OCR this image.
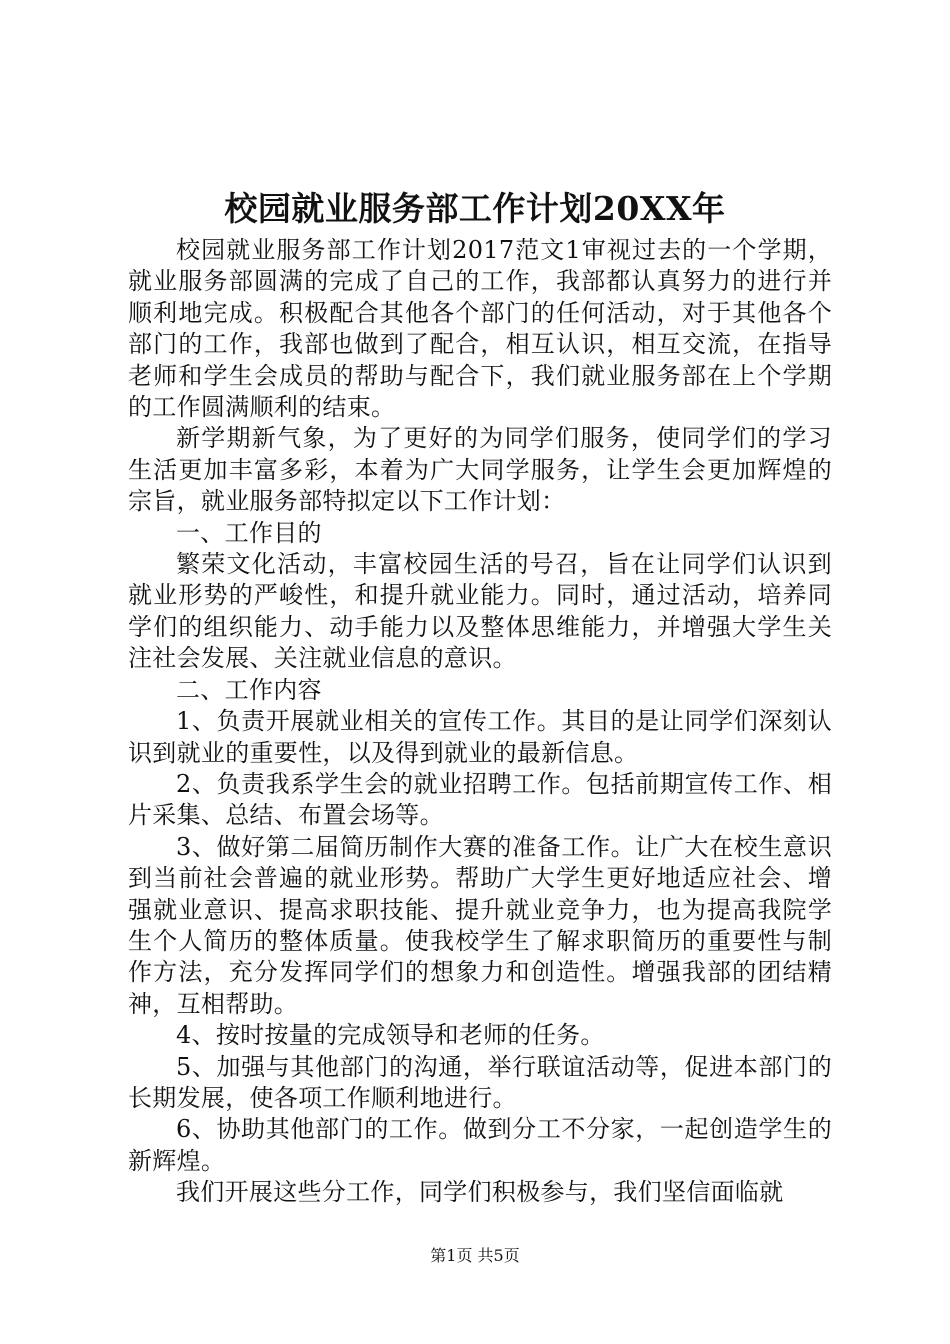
校园就业服务部工作计划20XX年

校园就业服务部工作计划2017范文1审视过去的一个学期，就业服务部圆满的完成了自己的工作，我部都认真努力的进行并顺利地完成。积极配合其他各个部门的任何活动，对于其他各个部门的工作，我部也做到了配合，相互认识，相互交流，在指导老师和学生会成员的帮助与配合下，我们就业服务部在上个学期的工作圆满顺利的结束。

新学期新气象，为了更好的为同学们服务，使同学们的学习生活更加丰富多彩，本着为广大同学服务，让学生会更加辉煌的宗旨，就业服务部特拟定以下工作计划：

一、工作目的

繁荣文化活动，丰富校园生活的号召，旨在让同学们认识到就业形势的严峻性，和提升就业能力。同时，通过活动，培养同学们的组织能力、动手能力以及整体思维能力，并增强大学生关注社会发展、关注就业信息的意识。

二、工作内容

1、负责开展就业相关的宣传工作。其目的是让同学们深刻认识到就业的重要性，以及得到就业的最新信息。

2、负责我系学生会的就业招聘工作。包括前期宣传工作、相片采集、总结、布置会场等。

3、做好第二届简历制作大赛的准备工作。让广大在校生意识到当前社会普遍的就业形势。帮助广大学生更好地适应社会、增强就业意识、提高求职技能、提升就业竞争力，也为提高我院学生个人简历的整体质量。使我校学生了解求职简历的重要性与制作方法，充分发挥同学们的想象力和创造性。增强我部的团结精神，互相帮助。

4、按时按量的完成领导和老师的任务。

5、加强与其他部门的沟通，举行联谊活动等，促进本部门的长期发展，使各项工作顺利地进行。

6、协助其他部门的工作。做到分工不分家，一起创造学生的新辉煌。

我们开展这些分工作，同学们积极参与，我们坚信面临就

第1页 共5页
